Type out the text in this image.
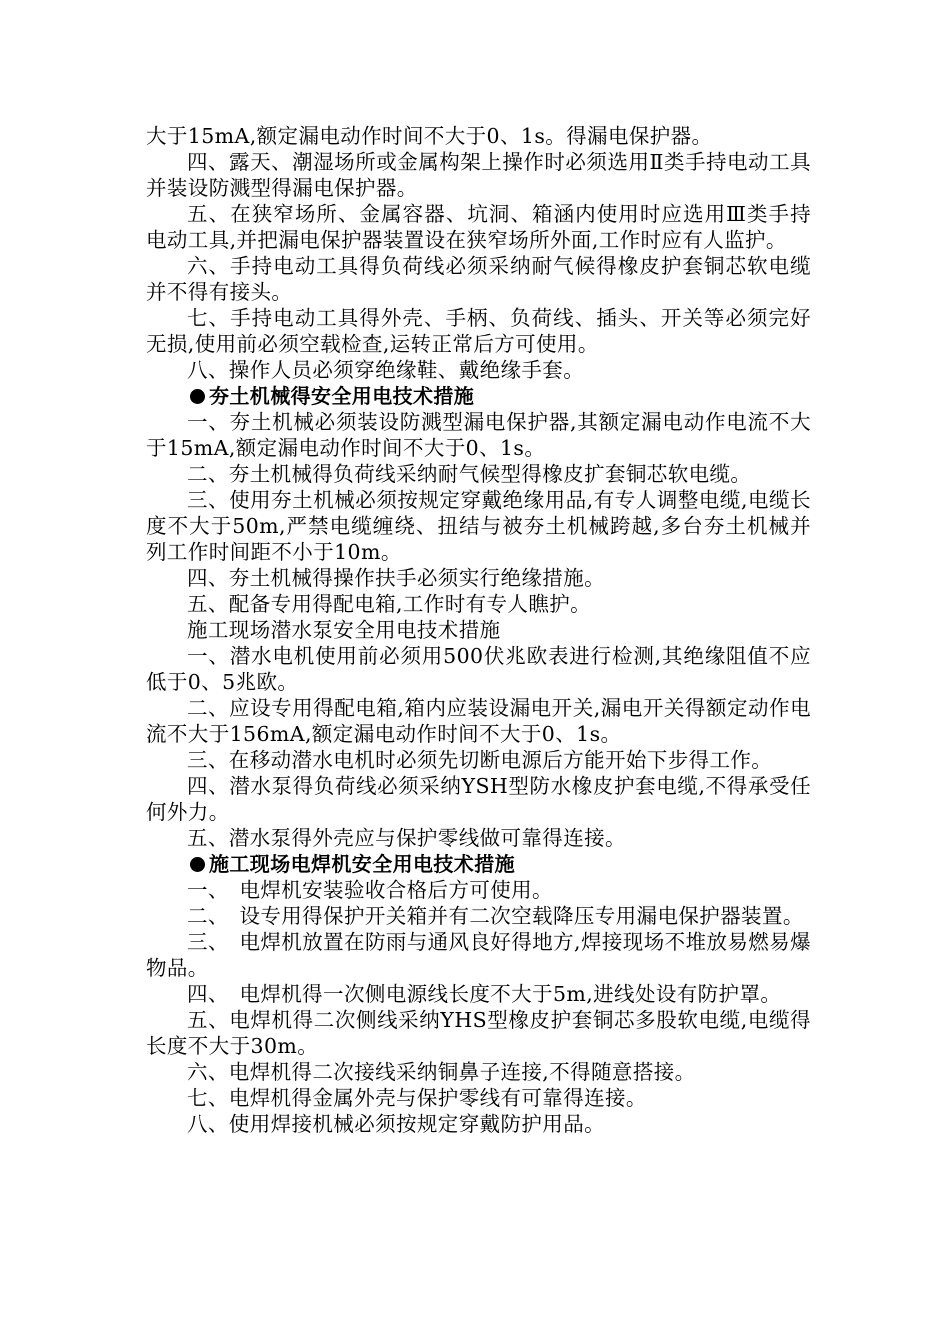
大于15mA,额定漏电动作时间不大于0、1s。得漏电保护器。

四、露天、潮湿场所或金属构架上操作时必须选用Ⅱ类手持电动工具并装设防溅型得漏电保护器。

五、在狭窄场所、金属容器、坑洞、箱涵内使用时应选用Ⅲ类手持电动工具,并把漏电保护器装置设在狭窄场所外面,工作时应有人监护。

六、手持电动工具得负荷线必须采纳耐气候得橡皮护套铜芯软电缆并不得有接头。

七、手持电动工具得外壳、手柄、负荷线、插头、开关等必须完好无损,使用前必须空载检查,运转正常后方可使用。

八、操作人员必须穿绝缘鞋、戴绝缘手套。

夯土机械得安全用电技术措施

一、夯土机械必须装设防溅型漏电保护器,其额定漏电动作电流不大于15mA,额定漏电动作时间不大于0、1s。

二、夯土机械得负荷线采纳耐气候型得橡皮扩套铜芯软电缆。

三、使用夯土机械必须按规定穿戴绝缘用品,有专人调整电缆,电缆长度不大于50m,严禁电缆缠绕、扭结与被夯土机械跨越,多台夯土机械并列工作时间距不小于10m。

四、夯土机械得操作扶手必须实行绝缘措施。

五、配备专用得配电箱,工作时有专人瞧护。

施工现场潜水泵安全用电技术措施

一、潜水电机使用前必须用500伏兆欧表进行检测,其绝缘阻值不应低于0、5兆欧。

二、应设专用得配电箱,箱内应装设漏电开关,漏电开关得额定动作电流不大于156mA,额定漏电动作时间不大于0、1s。

三、在移动潜水电机时必须先切断电源后方能开始下步得工作。

四、潜水泵得负荷线必须采纳YSH型防水橡皮护套电缆,不得承受任何外力。

五、潜水泵得外壳应与保护零线做可靠得连接。

施工现场电焊机安全用电技术措施

一、　电焊机安装验收合格后方可使用。

二、　设专用得保护开关箱并有二次空载降压专用漏电保护器装置。

三、　电焊机放置在防雨与通风良好得地方,焊接现场不堆放易燃易爆物品。

四、　电焊机得一次侧电源线长度不大于5m,进线处设有防护罩。

五、电焊机得二次侧线采纳YHS型橡皮护套铜芯多股软电缆,电缆得长度不大于30m。

六、电焊机得二次接线采纳铜鼻子连接,不得随意搭接。

七、电焊机得金属外壳与保护零线有可靠得连接。

八、使用焊接机械必须按规定穿戴防护用品。
